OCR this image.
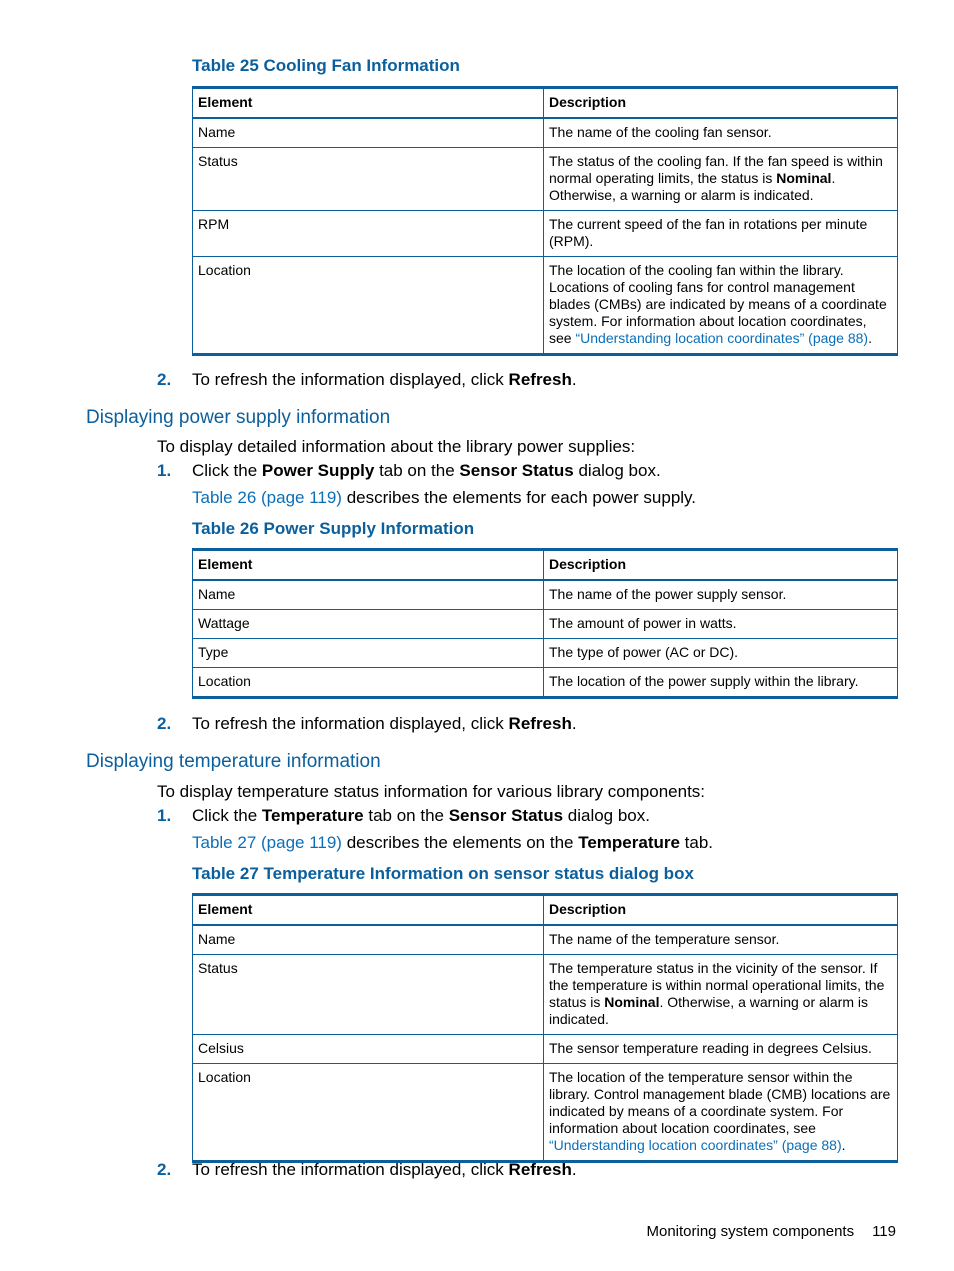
Table 25 Cooling Fan Information
Element	Description
Name	The name of the cooling fan sensor.
Status	The status of the cooling fan. If the fan speed is within normal operating limits, the status is Nominal. Otherwise, a warning or alarm is indicated.
RPM	The current speed of the fan in rotations per minute (RPM).
Location	The location of the cooling fan within the library. Locations of cooling fans for control management blades (CMBs) are indicated by means of a coordinate system. For information about location coordinates, see “Understanding location coordinates” (page 88).
2. To refresh the information displayed, click Refresh.
Displaying power supply information
To display detailed information about the library power supplies:
1. Click the Power Supply tab on the Sensor Status dialog box.
Table 26 (page 119) describes the elements for each power supply.
Table 26 Power Supply Information
Element	Description
Name	The name of the power supply sensor.
Wattage	The amount of power in watts.
Type	The type of power (AC or DC).
Location	The location of the power supply within the library.
2. To refresh the information displayed, click Refresh.
Displaying temperature information
To display temperature status information for various library components:
1. Click the Temperature tab on the Sensor Status dialog box.
Table 27 (page 119) describes the elements on the Temperature tab.
Table 27 Temperature Information on sensor status dialog box
Element	Description
Name	The name of the temperature sensor.
Status	The temperature status in the vicinity of the sensor. If the temperature is within normal operational limits, the status is Nominal. Otherwise, a warning or alarm is indicated.
Celsius	The sensor temperature reading in degrees Celsius.
Location	The location of the temperature sensor within the library. Control management blade (CMB) locations are indicated by means of a coordinate system. For information about location coordinates, see “Understanding location coordinates” (page 88).
2. To refresh the information displayed, click Refresh.
Monitoring system components 119
